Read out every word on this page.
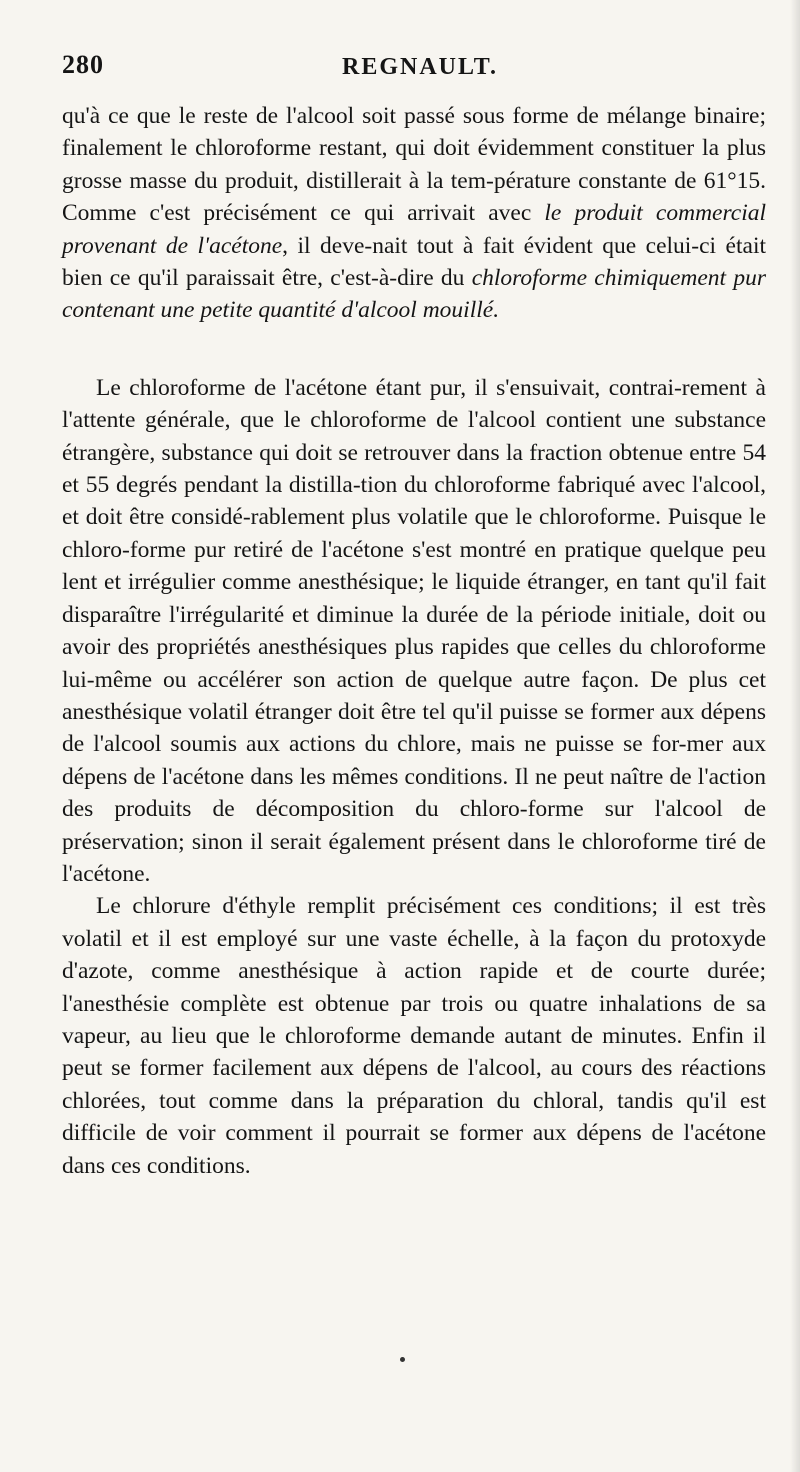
280	REGNAULT.

qu'à ce que le reste de l'alcool soit passé sous forme de mélange binaire; finalement le chloroforme restant, qui doit évidemment constituer la plus grosse masse du produit, distillerait à la tem-pérature constante de 61°15. Comme c'est précisément ce qui arrivait avec le produit commercial provenant de l'acétone, il deve-nait tout à fait évident que celui-ci était bien ce qu'il paraissait être, c'est-à-dire du chloroforme chimiquement pur contenant une petite quantité d'alcool mouillé.

Le chloroforme de l'acétone étant pur, il s'ensuivait, contrai-rement à l'attente générale, que le chloroforme de l'alcool contient une substance étrangère, substance qui doit se retrouver dans la fraction obtenue entre 54 et 55 degrés pendant la distilla-tion du chloroforme fabriqué avec l'alcool, et doit être considé-rablement plus volatile que le chloroforme. Puisque le chloro-forme pur retiré de l'acétone s'est montré en pratique quelque peu lent et irrégulier comme anesthésique; le liquide étranger, en tant qu'il fait disparaître l'irrégularité et diminue la durée de la période initiale, doit ou avoir des propriétés anesthésiques plus rapides que celles du chloroforme lui-même ou accélérer son action de quelque autre façon. De plus cet anesthésique volatil étranger doit être tel qu'il puisse se former aux dépens de l'alcool soumis aux actions du chlore, mais ne puisse se for-mer aux dépens de l'acétone dans les mêmes conditions. Il ne peut naître de l'action des produits de décomposition du chloro-forme sur l'alcool de préservation; sinon il serait également présent dans le chloroforme tiré de l'acétone.

Le chlorure d'éthyle remplit précisément ces conditions; il est très volatil et il est employé sur une vaste échelle, à la façon du protoxyde d'azote, comme anesthésique à action rapide et de courte durée; l'anesthésie complète est obtenue par trois ou quatre inhalations de sa vapeur, au lieu que le chloroforme demande autant de minutes. Enfin il peut se former facilement aux dépens de l'alcool, au cours des réactions chlorées, tout comme dans la préparation du chloral, tandis qu'il est difficile de voir comment il pourrait se former aux dépens de l'acétone dans ces conditions.
